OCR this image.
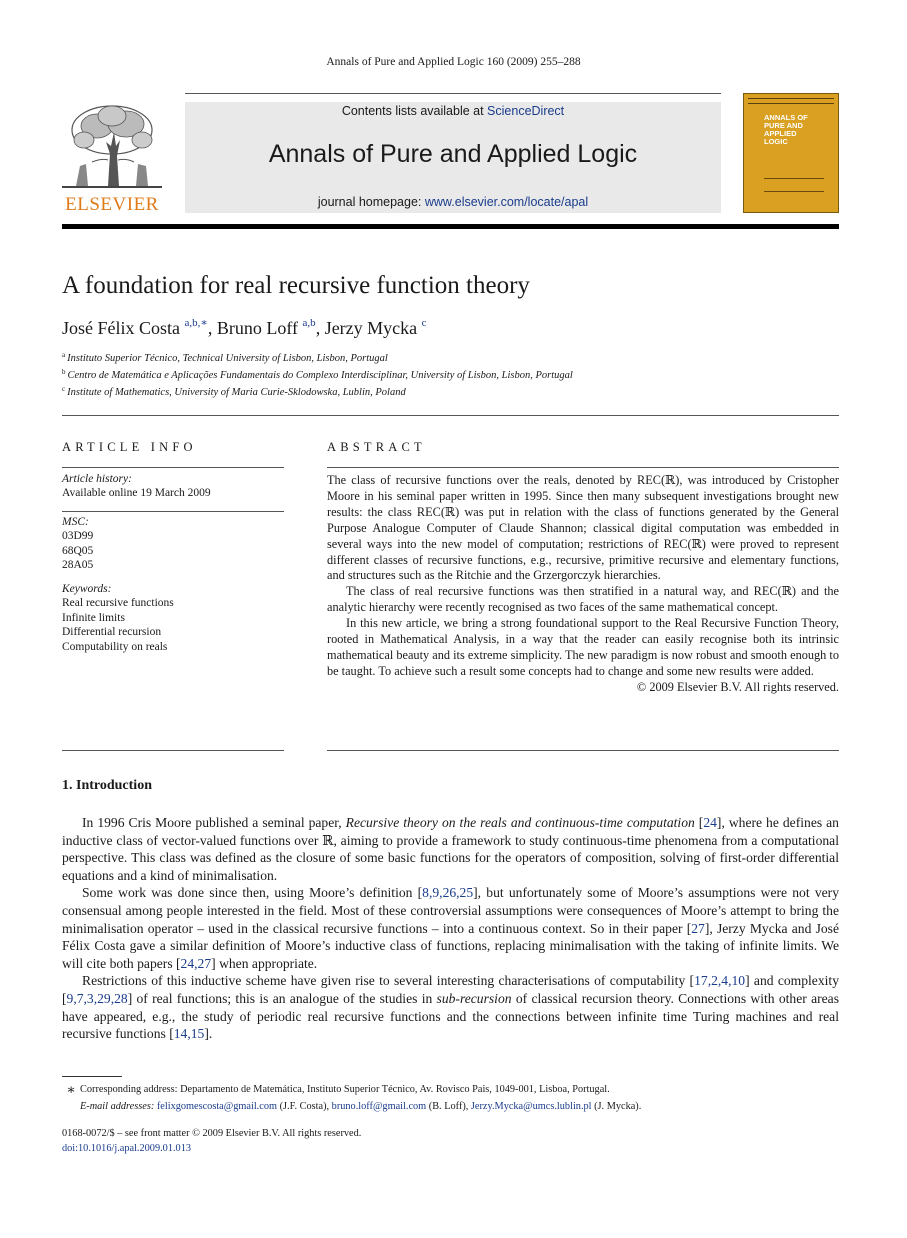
Annals of Pure and Applied Logic 160 (2009) 255–288
ELSEVIER
Contents lists available at ScienceDirect
Annals of Pure and Applied Logic
journal homepage: www.elsevier.com/locate/apal
ANNALS OF PURE AND APPLIED LOGIC
A foundation for real recursive function theory
José Félix Costa $^{a,b,∗}$, Bruno Loff $^{a,b}$, Jerzy Mycka $^c$
$^a$ Instituto Superior Técnico, Technical University of Lisbon, Lisbon, Portugal
$^b$ Centro de Matemática e Aplicações Fundamentais do Complexo Interdisciplinar, University of Lisbon, Lisbon, Portugal
$^c$ Institute of Mathematics, University of Maria Curie-Sklodowska, Lublin, Poland
ARTICLE INFO	ABSTRACT
Article history:
Available online 19 March 2009
MSC:
03D99
68Q05
28A05
Keywords:
Real recursive functions
Infinite limits
Differential recursion
Computability on reals

The class of recursive functions over the reals, denoted by REC(ℝ), was introduced by Cristopher Moore in his seminal paper written in 1995. Since then many subsequent investigations brought new results: the class REC(ℝ) was put in relation with the class of functions generated by the General Purpose Analogue Computer of Claude Shannon; classical digital computation was embedded in several ways into the new model of computation; restrictions of REC(ℝ) were proved to represent different classes of recursive functions, e.g., recursive, primitive recursive and elementary functions, and structures such as the Ritchie and the Grzergorczyk hierarchies.

The class of real recursive functions was then stratified in a natural way, and REC(ℝ) and the analytic hierarchy were recently recognised as two faces of the same mathematical concept.

In this new article, we bring a strong foundational support to the Real Recursive Function Theory, rooted in Mathematical Analysis, in a way that the reader can easily recognise both its intrinsic mathematical beauty and its extreme simplicity. The new paradigm is now robust and smooth enough to be taught. To achieve such a result some concepts had to change and some new results were added.

© 2009 Elsevier B.V. All rights reserved.

1. Introduction

In 1996 Cris Moore published a seminal paper, Recursive theory on the reals and continuous-time computation [24], where he defines an inductive class of vector-valued functions over ℝ, aiming to provide a framework to study continuous-time phenomena from a computational perspective. This class was defined as the closure of some basic functions for the operators of composition, solving of first-order differential equations and a kind of minimalisation.

Some work was done since then, using Moore’s definition [8,9,26,25], but unfortunately some of Moore’s assumptions were not very consensual among people interested in the field. Most of these controversial assumptions were consequences of Moore’s attempt to bring the minimalisation operator – used in the classical recursive functions – into a continuous context. So in their paper [27], Jerzy Mycka and José Félix Costa gave a similar definition of Moore’s inductive class of functions, replacing minimalisation with the taking of infinite limits. We will cite both papers [24,27] when appropriate.

Restrictions of this inductive scheme have given rise to several interesting characterisations of computability [17,2,4,10] and complexity [9,7,3,29,28] of real functions; this is an analogue of the studies in sub-recursion of classical recursion theory. Connections with other areas have appeared, e.g., the study of periodic real recursive functions and the connections between infinite time Turing machines and real recursive functions [14,15].

∗ Corresponding address: Departamento de Matemática, Instituto Superior Técnico, Av. Rovisco Pais, 1049-001, Lisboa, Portugal.
E-mail addresses: felixgomescosta@gmail.com (J.F. Costa), bruno.loff@gmail.com (B. Loff), Jerzy.Mycka@umcs.lublin.pl (J. Mycka).
0168-0072/$ – see front matter © 2009 Elsevier B.V. All rights reserved.
doi:10.1016/j.apal.2009.01.013
